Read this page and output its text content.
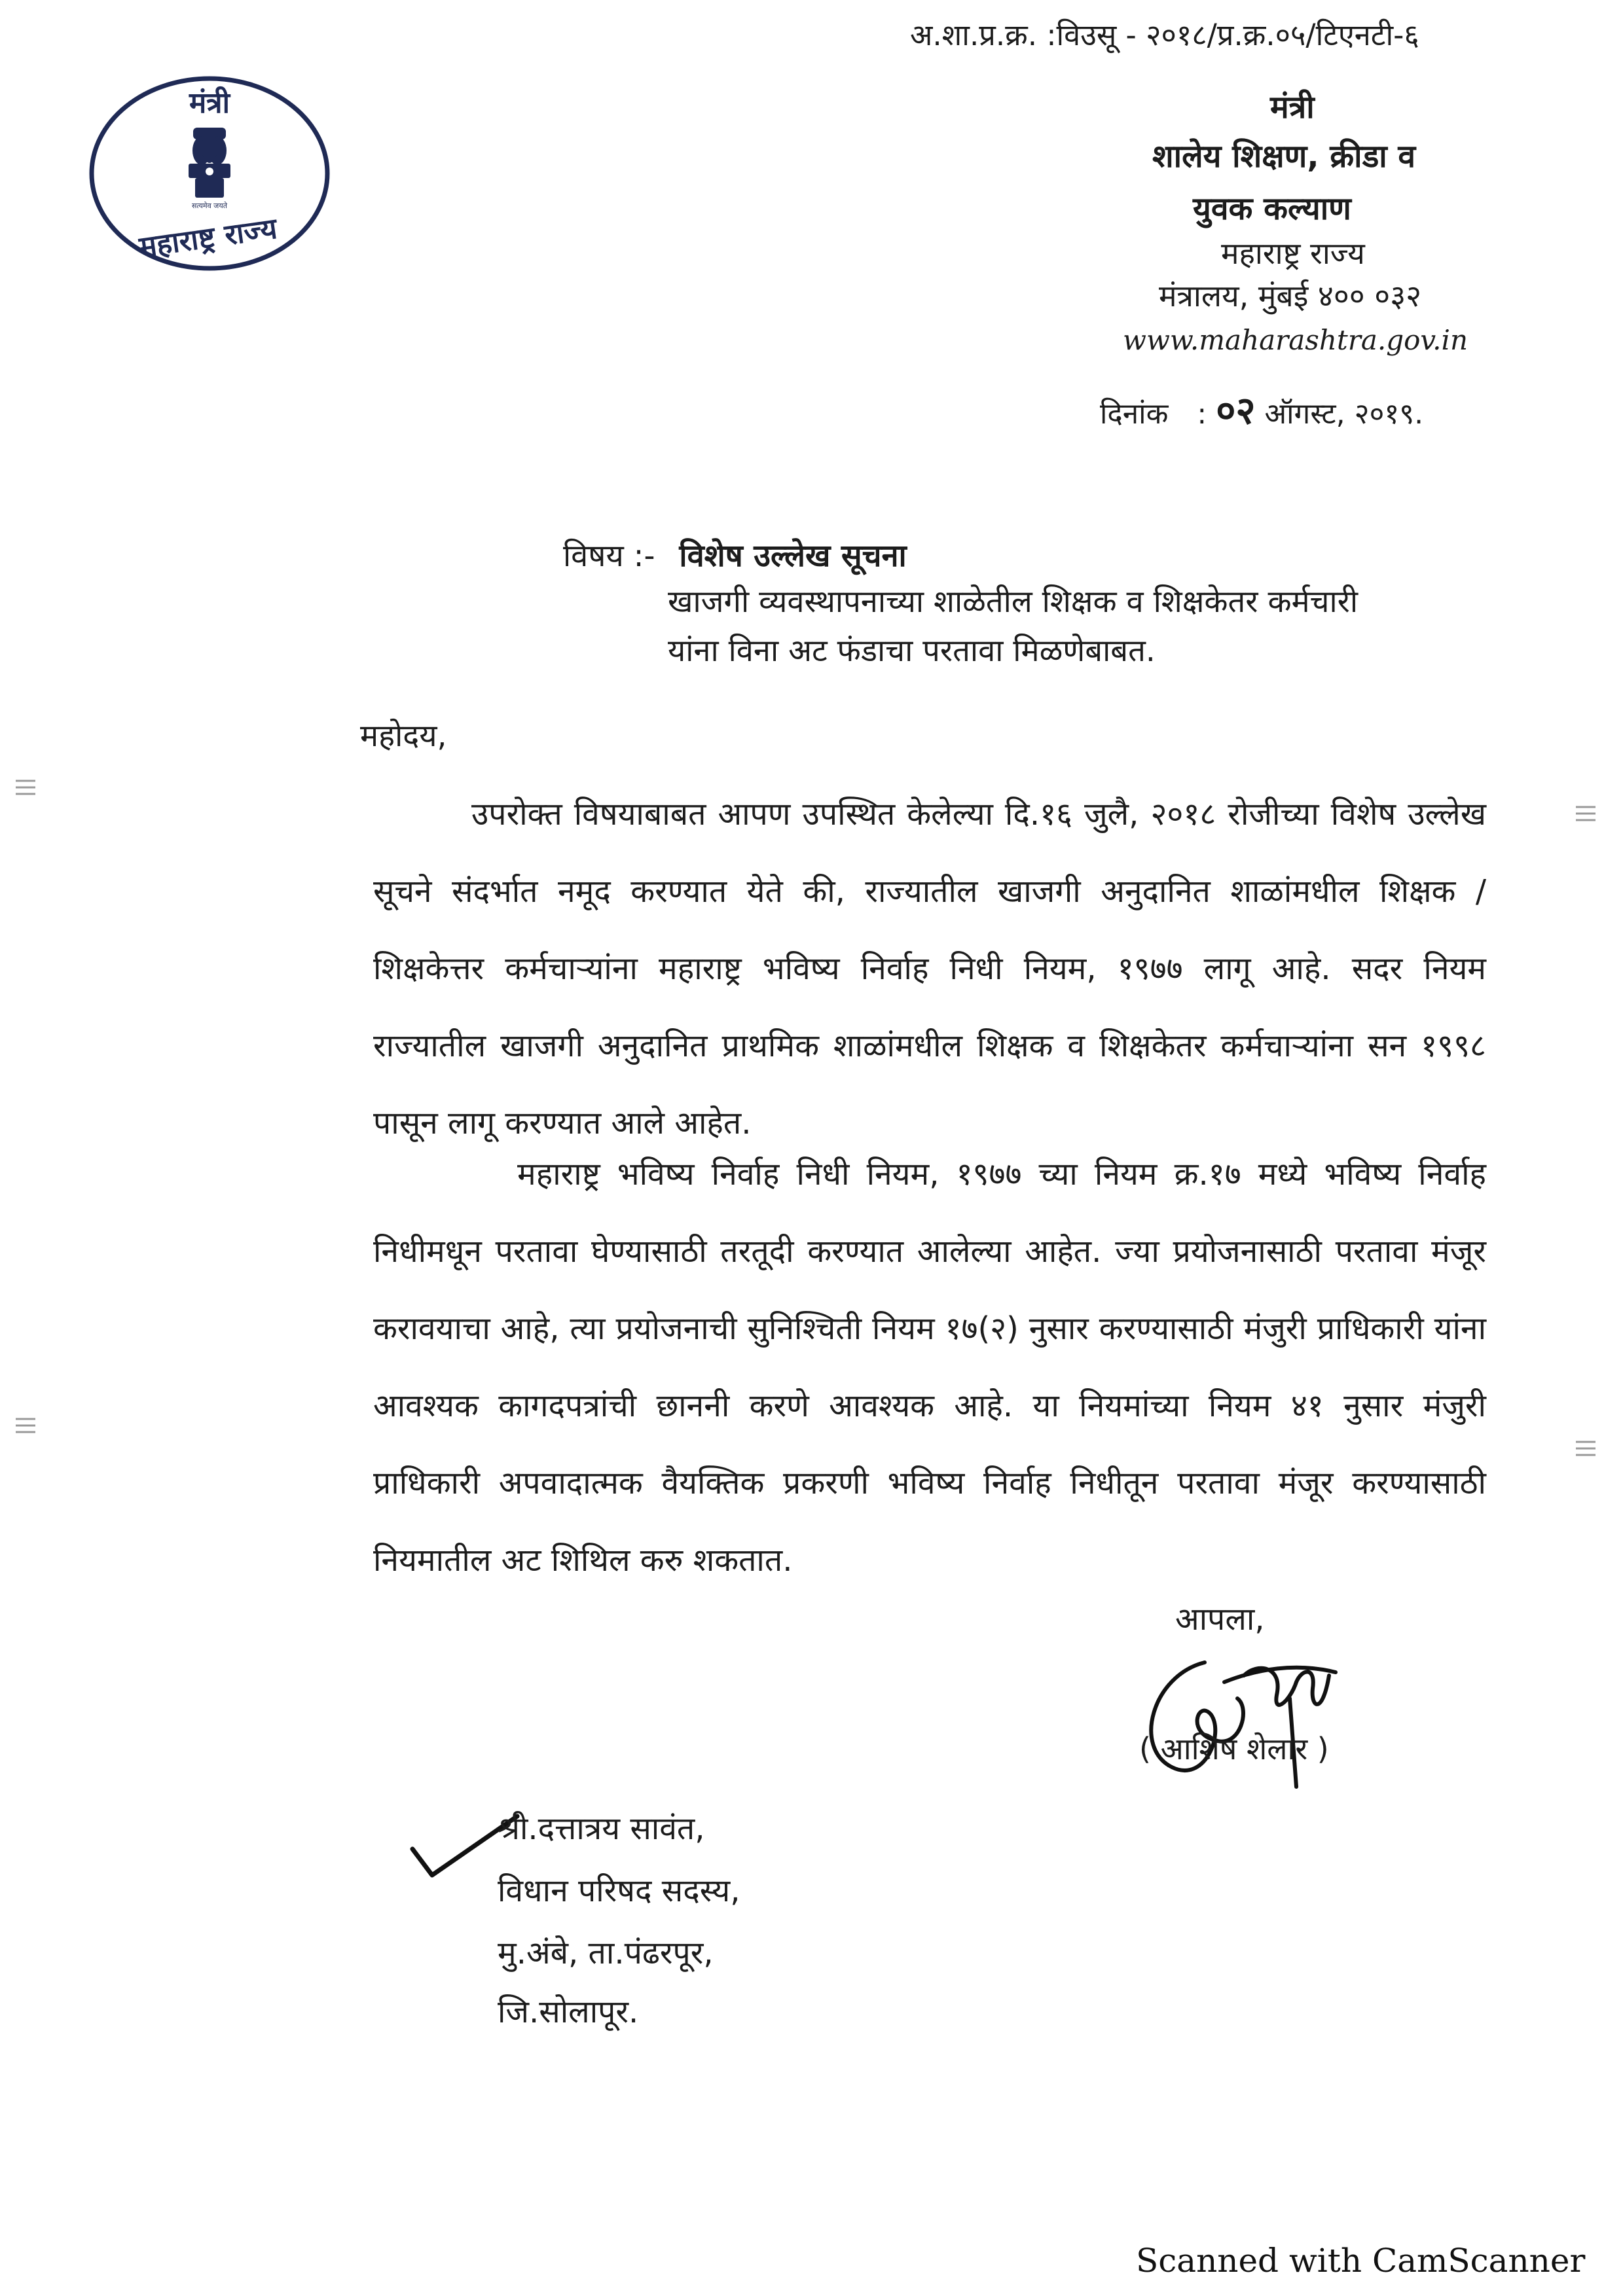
अ.शा.प्र.क्र. :विउसू - २०१८/प्र.क्र.०५/टिएनटी-६
मंत्री
सत्यमेव जयते
महाराष्ट्र राज्य
मंत्री
शालेय शिक्षण, क्रीडा व
युवक कल्याण
महाराष्ट्र राज्य
मंत्रालय, मुंबई ४०० ०३२
www.maharashtra.gov.in
दिनांक : ०२ ऑगस्ट, २०१९.
विषय :- विशेष उल्लेख सूचना
खाजगी व्यवस्थापनाच्या शाळेतील शिक्षक व शिक्षकेतर कर्मचारी
यांना विना अट फंडाचा परतावा मिळणेबाबत.
महोदय,
उपरोक्त विषयाबाबत आपण उपस्थित केलेल्या दि.१६ जुलै, २०१८ रोजीच्या विशेष उल्लेख सूचने संदर्भात नमूद करण्यात येते की, राज्यातील खाजगी अनुदानित शाळांमधील शिक्षक / शिक्षकेत्तर कर्मचाऱ्यांना महाराष्ट्र भविष्य निर्वाह निधी नियम, १९७७ लागू आहे. सदर नियम राज्यातील खाजगी अनुदानित प्राथमिक शाळांमधील शिक्षक व शिक्षकेतर कर्मचाऱ्यांना सन १९९८ पासून लागू करण्यात आले आहेत.
महाराष्ट्र भविष्य निर्वाह निधी नियम, १९७७ च्या नियम क्र.१७ मध्ये भविष्य निर्वाह निधीमधून परतावा घेण्यासाठी तरतूदी करण्यात आलेल्या आहेत. ज्या प्रयोजनासाठी परतावा मंजूर करावयाचा आहे, त्या प्रयोजनाची सुनिश्चिती नियम १७(२) नुसार करण्यासाठी मंजुरी प्राधिकारी यांना आवश्यक कागदपत्रांची छाननी करणे आवश्यक आहे. या नियमांच्या नियम ४१ नुसार मंजुरी प्राधिकारी अपवादात्मक वैयक्तिक प्रकरणी भविष्य निर्वाह निधीतून परतावा मंजूर करण्यासाठी नियमातील अट शिथिल करु शकतात.
आपला,
( आशिष शेलार )
श्री.दत्तात्रय सावंत,
विधान परिषद सदस्य,
मु.अंबे, ता.पंढरपूर,
जि.सोलापूर.
Scanned with CamScanner
